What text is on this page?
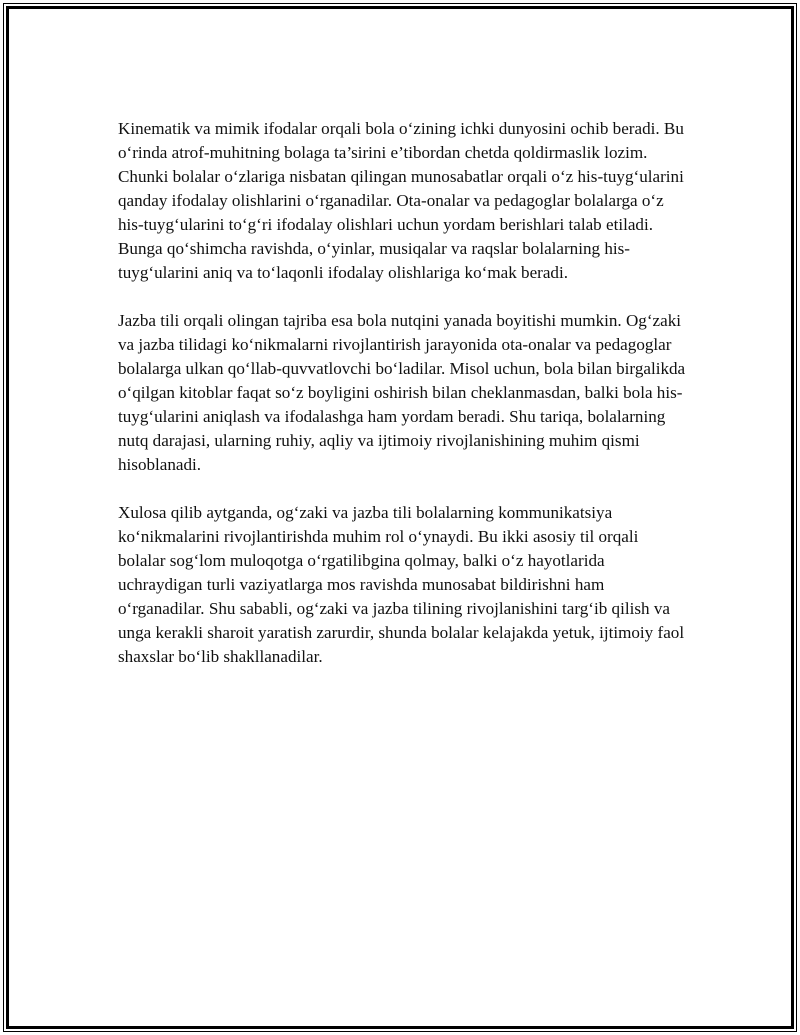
Kinematik va mimik ifodalar orqali bola o‘zining ichki dunyosini ochib beradi. Bu o‘rinda atrof-muhitning bolaga ta’sirini e’tibordan chetda qoldirmaslik lozim. Chunki bolalar o‘zlariga nisbatan qilingan munosabatlar orqali o‘z his-tuyg‘ularini qanday ifodalay olishlarini o‘rganadilar. Ota-onalar va pedagoglar bolalarga o‘z his-tuyg‘ularini to‘g‘ri ifodalay olishlari uchun yordam berishlari talab etiladi. Bunga qo‘shimcha ravishda, o‘yinlar, musiqalar va raqslar bolalarning his-tuyg‘ularini aniq va to‘laqonli ifodalay olishlariga ko‘mak beradi.

Jazba tili orqali olingan tajriba esa bola nutqini yanada boyitishi mumkin. Og‘zaki va jazba tilidagi ko‘nikmalarni rivojlantirish jarayonida ota-onalar va pedagoglar bolalarga ulkan qo‘llab-quvvatlovchi bo‘ladilar. Misol uchun, bola bilan birgalikda o‘qilgan kitoblar faqat so‘z boyligini oshirish bilan cheklanmasdan, balki bola his-tuyg‘ularini aniqlash va ifodalashga ham yordam beradi. Shu tariqa, bolalarning nutq darajasi, ularning ruhiy, aqliy va ijtimoiy rivojlanishining muhim qismi hisoblanadi.

Xulosa qilib aytganda, og‘zaki va jazba tili bolalarning kommunikatsiya ko‘nikmalarini rivojlantirishda muhim rol o‘ynaydi. Bu ikki asosiy til orqali bolalar sog‘lom muloqotga o‘rgatilibgina qolmay, balki o‘z hayotlarida uchraydigan turli vaziyatlarga mos ravishda munosabat bildirishni ham o‘rganadilar. Shu sababli, og‘zaki va jazba tilining rivojlanishini targ‘ib qilish va unga kerakli sharoit yaratish zarurdir, shunda bolalar kelajakda yetuk, ijtimoiy faol shaxslar bo‘lib shakllanadilar.
